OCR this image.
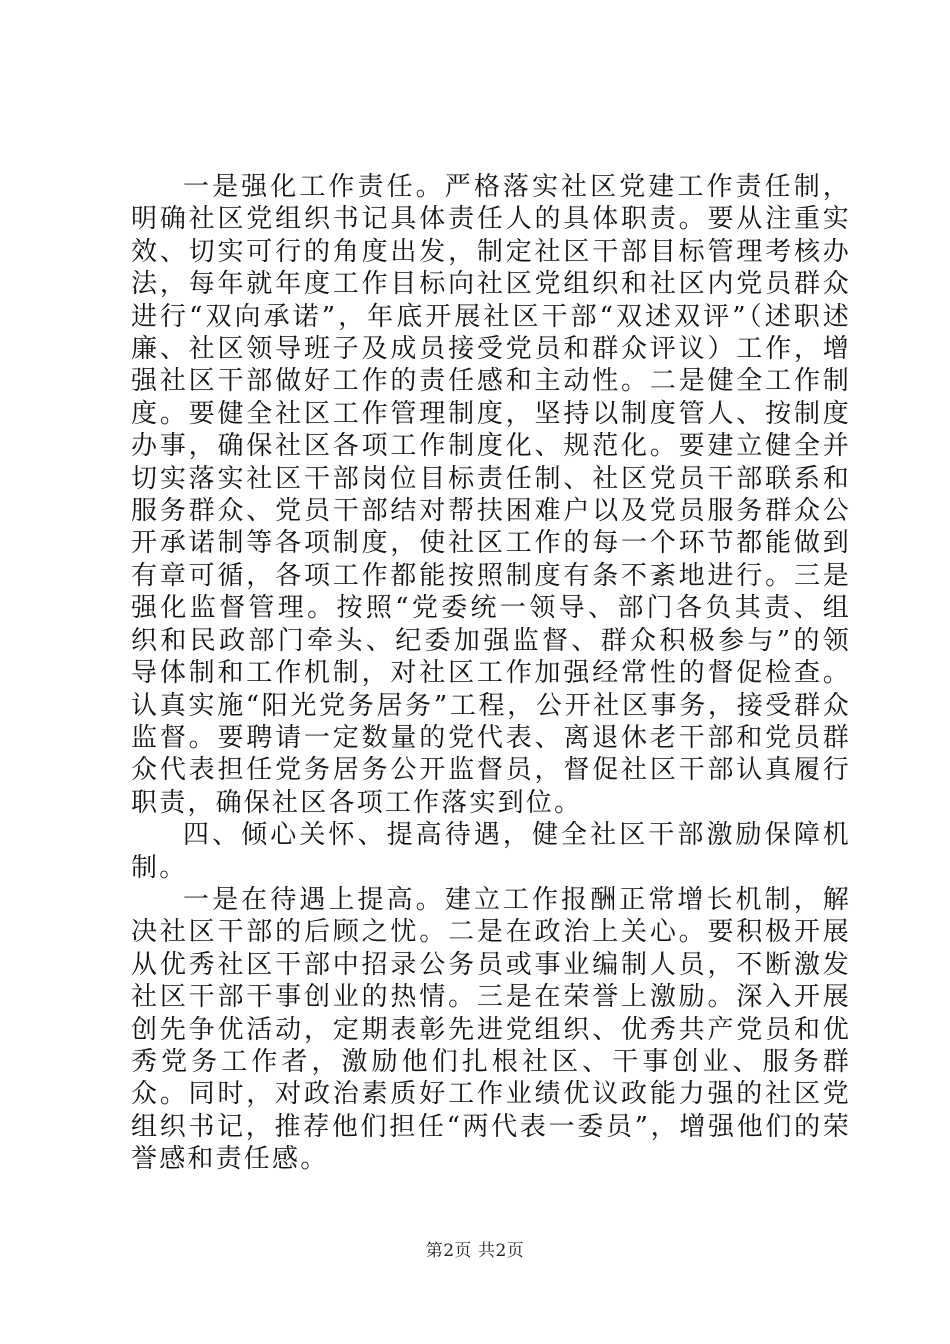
一是强化工作责任。严格落实社区党建工作责任制，明确社区党组织书记具体责任人的具体职责。要从注重实效、切实可行的角度出发，制定社区干部目标管理考核办法，每年就年度工作目标向社区党组织和社区内党员群众进行“双向承诺”，年底开展社区干部“双述双评”（述职述廉、社区领导班子及成员接受党员和群众评议）工作，增强社区干部做好工作的责任感和主动性。二是健全工作制度。要健全社区工作管理制度，坚持以制度管人、按制度办事，确保社区各项工作制度化、规范化。要建立健全并切实落实社区干部岗位目标责任制、社区党员干部联系和服务群众、党员干部结对帮扶困难户以及党员服务群众公开承诺制等各项制度，使社区工作的每一个环节都能做到有章可循，各项工作都能按照制度有条不紊地进行。三是强化监督管理。按照“党委统一领导、部门各负其责、组织和民政部门牵头、纪委加强监督、群众积极参与”的领导体制和工作机制，对社区工作加强经常性的督促检查。认真实施“阳光党务居务”工程，公开社区事务，接受群众监督。要聘请一定数量的党代表、离退休老干部和党员群众代表担任党务居务公开监督员，督促社区干部认真履行职责，确保社区各项工作落实到位。

四、倾心关怀、提高待遇，健全社区干部激励保障机制。

一是在待遇上提高。建立工作报酬正常增长机制，解决社区干部的后顾之忧。二是在政治上关心。要积极开展从优秀社区干部中招录公务员或事业编制人员，不断激发社区干部干事创业的热情。三是在荣誉上激励。深入开展创先争优活动，定期表彰先进党组织、优秀共产党员和优秀党务工作者，激励他们扎根社区、干事创业、服务群众。同时，对政治素质好工作业绩优议政能力强的社区党组织书记，推荐他们担任“两代表一委员”，增强他们的荣誉感和责任感。

第2页 共2页
